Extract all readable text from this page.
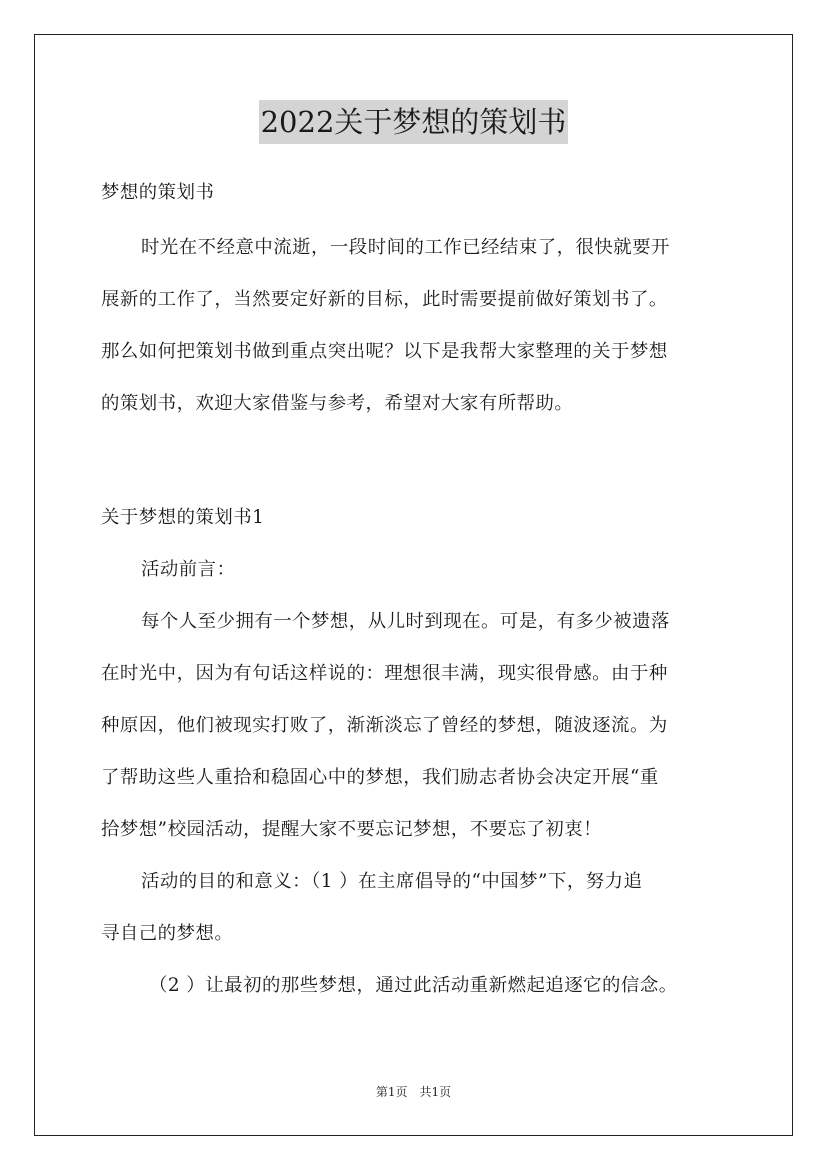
2022关于梦想的策划书
梦想的策划书
时光在不经意中流逝，一段时间的工作已经结束了，很快就要开
展新的工作了，当然要定好新的目标，此时需要提前做好策划书了。
那么如何把策划书做到重点突出呢？以下是我帮大家整理的关于梦想
的策划书，欢迎大家借鉴与参考，希望对大家有所帮助。
关于梦想的策划书1
活动前言：
每个人至少拥有一个梦想，从儿时到现在。可是，有多少被遗落
在时光中，因为有句话这样说的：理想很丰满，现实很骨感。由于种
种原因，他们被现实打败了，渐渐淡忘了曾经的梦想，随波逐流。为
了帮助这些人重拾和稳固心中的梦想，我们励志者协会决定开展“重
拾梦想”校园活动，提醒大家不要忘记梦想，不要忘了初衷！
活动的目的和意义：（1 ）在主席倡导的“中国梦”下，努力追
寻自己的梦想。
（2 ）让最初的那些梦想，通过此活动重新燃起追逐它的信念。
第1页　共1页
